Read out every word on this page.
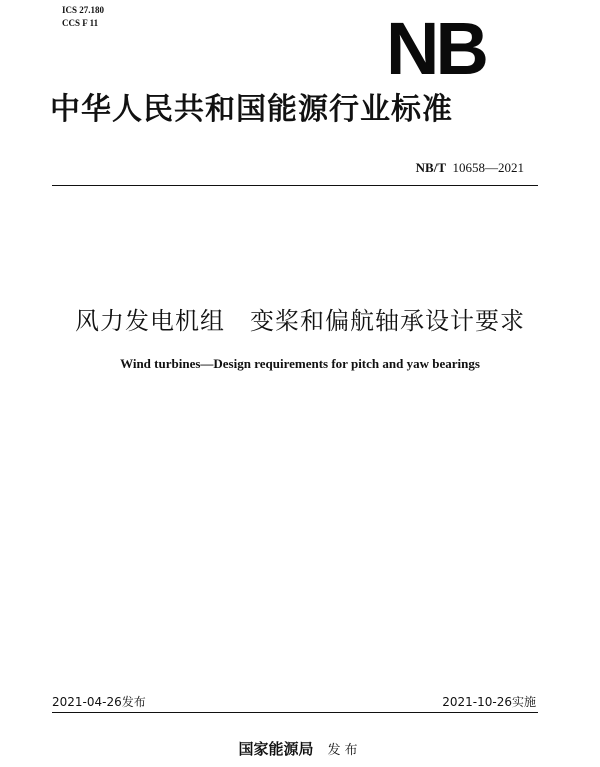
ICS 27.180
CCS F 11	NB
中华人民共和国能源行业标准
NB/T 10658—2021
风力发电机组　变桨和偏航轴承设计要求
Wind turbines—Design requirements for pitch and yaw bearings
2021-04-26发布	2021-10-26实施
国家能源局 发布
